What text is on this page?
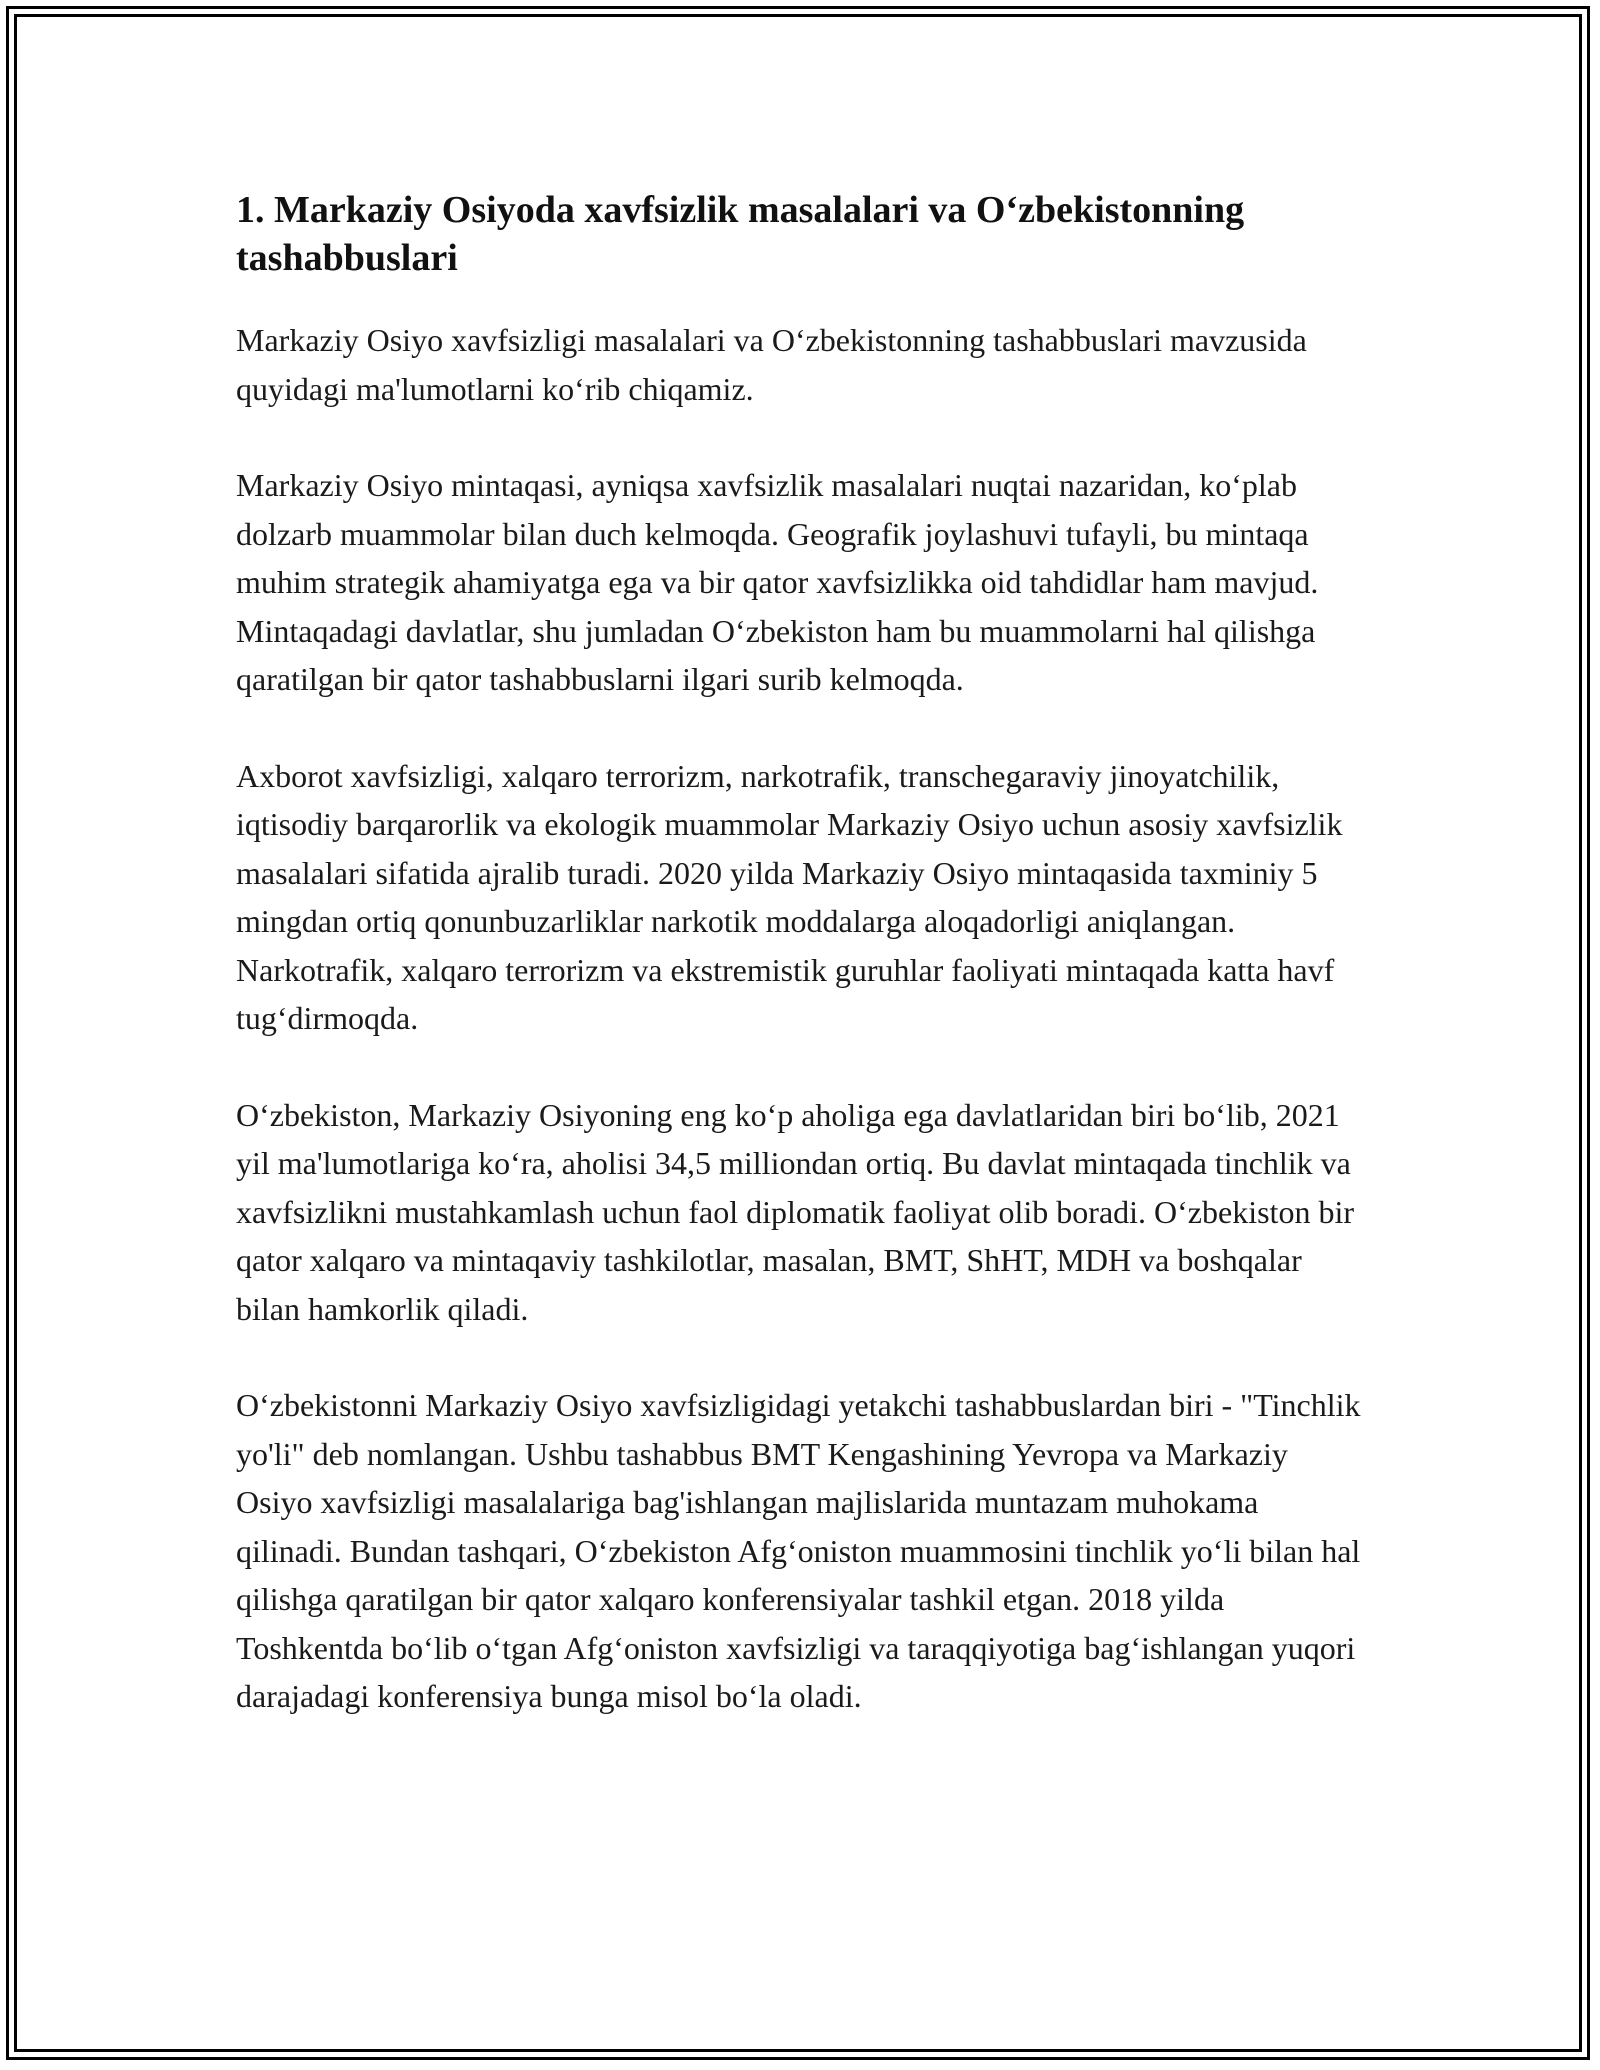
1. Markaziy Osiyoda xavfsizlik masalalari va O‘zbekistonning tashabbuslari

Markaziy Osiyo xavfsizligi masalalari va O‘zbekistonning tashabbuslari mavzusida quyidagi ma'lumotlarni ko‘rib chiqamiz.

Markaziy Osiyo mintaqasi, ayniqsa xavfsizlik masalalari nuqtai nazaridan, ko‘plab dolzarb muammolar bilan duch kelmoqda. Geografik joylashuvi tufayli, bu mintaqa muhim strategik ahamiyatga ega va bir qator xavfsizlikka oid tahdidlar ham mavjud. Mintaqadagi davlatlar, shu jumladan O‘zbekiston ham bu muammolarni hal qilishga qaratilgan bir qator tashabbuslarni ilgari surib kelmoqda.

Axborot xavfsizligi, xalqaro terrorizm, narkotrafik, transchegaraviy jinoyatchilik, iqtisodiy barqarorlik va ekologik muammolar Markaziy Osiyo uchun asosiy xavfsizlik masalalari sifatida ajralib turadi. 2020 yilda Markaziy Osiyo mintaqasida taxminiy 5 mingdan ortiq qonunbuzarliklar narkotik moddalarga aloqadorligi aniqlangan. Narkotrafik, xalqaro terrorizm va ekstremistik guruhlar faoliyati mintaqada katta havf tug‘dirmoqda.

O‘zbekiston, Markaziy Osiyoning eng ko‘p aholiga ega davlatlaridan biri bo‘lib, 2021 yil ma'lumotlariga ko‘ra, aholisi 34,5 milliondan ortiq. Bu davlat mintaqada tinchlik va xavfsizlikni mustahkamlash uchun faol diplomatik faoliyat olib boradi. O‘zbekiston bir qator xalqaro va mintaqaviy tashkilotlar, masalan, BMT, ShHT, MDH va boshqalar bilan hamkorlik qiladi.

O‘zbekistonni Markaziy Osiyo xavfsizligidagi yetakchi tashabbuslardan biri - "Tinchlik yo'li" deb nomlangan. Ushbu tashabbus BMT Kengashining Yevropa va Markaziy Osiyo xavfsizligi masalalariga bag'ishlangan majlislarida muntazam muhokama qilinadi. Bundan tashqari, O‘zbekiston Afg‘oniston muammosini tinchlik yo‘li bilan hal qilishga qaratilgan bir qator xalqaro konferensiyalar tashkil etgan. 2018 yilda Toshkentda bo‘lib o‘tgan Afg‘oniston xavfsizligi va taraqqiyotiga bag‘ishlangan yuqori darajadagi konferensiya bunga misol bo‘la oladi.
